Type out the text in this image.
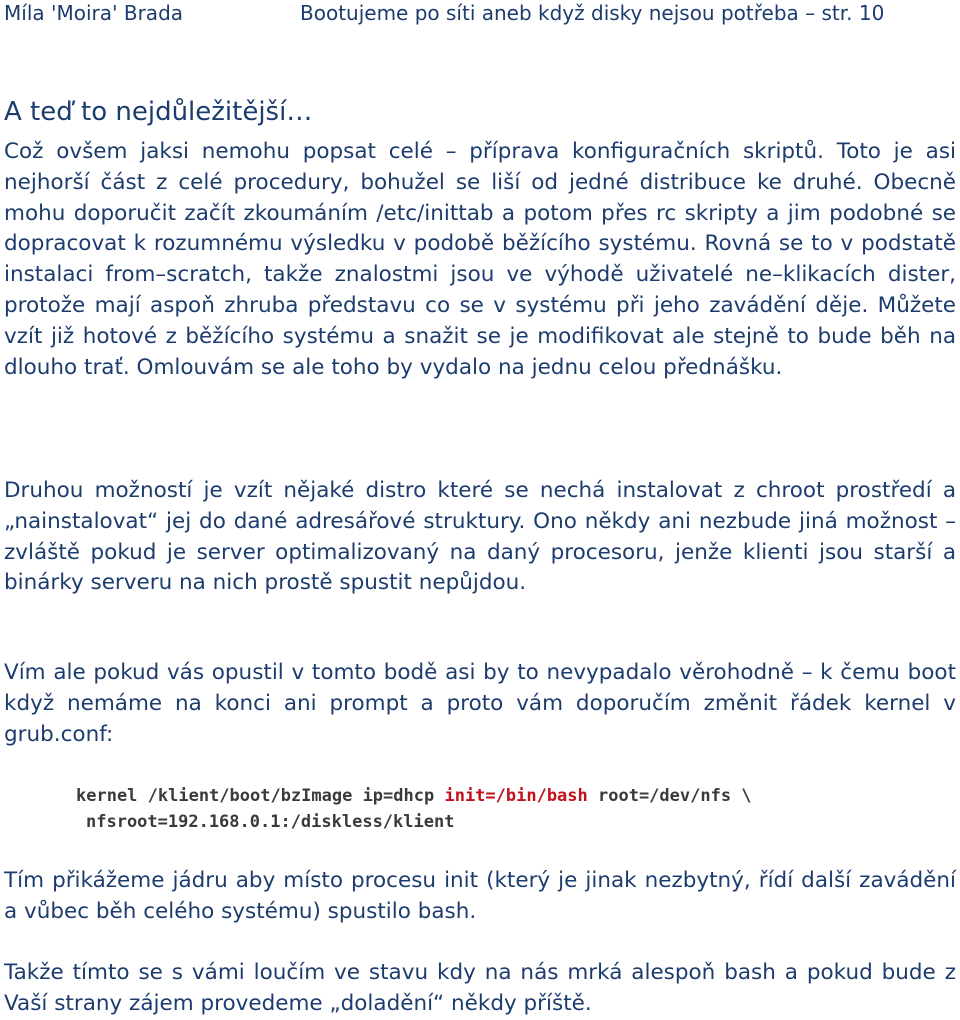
Míla 'Moira' Brada	Bootujeme po síti aneb když disky nejsou potřeba – str. 10
A teď to nejdůležitější…

Což ovšem jaksi nemohu popsat celé – příprava konfiguračních skriptů. Toto je asi nejhorší část z celé procedury, bohužel se liší od jedné distribuce ke druhé. Obecně mohu doporučit začít zkoumáním /etc/inittab a potom přes rc skripty a jim podobné se dopracovat k rozumnému výsledku v podobě běžícího systému. Rovná se to v podstatě instalaci from–scratch, takže znalostmi jsou ve výhodě uživatelé ne–klikacích dister, protože mají aspoň zhruba představu co se v systému při jeho zavádění děje. Můžete vzít již hotové z běžícího systému a snažit se je modifikovat ale stejně to bude běh na dlouho trať. Omlouvám se ale toho by vydalo na jednu celou přednášku.

Druhou možností je vzít nějaké distro které se nechá instalovat z chroot prostředí a „nainstalovat“ jej do dané adresářové struktury. Ono někdy ani nezbude jiná možnost – zvláště pokud je server optimalizovaný na daný procesoru, jenže klienti jsou starší a binárky serveru na nich prostě spustit nepůjdou.

Vím ale pokud vás opustil v tomto bodě asi by to nevypadalo věrohodně – k čemu boot když nemáme na konci ani prompt a proto vám doporučím změnit řádek kernel v grub.conf:

Tím přikážeme jádru aby místo procesu init (který je jinak nezbytný, řídí další zavádění a vůbec běh celého systému) spustilo bash.

Takže tímto se s vámi loučím ve stavu kdy na nás mrká alespoň bash a pokud bude z Vaší strany zájem provedeme „doladění“ někdy příště.

kernel /klient/boot/bzImage ip=dhcp init=/bin/bash root=/dev/nfs \
nfsroot=192.168.0.1:/diskless/klient
